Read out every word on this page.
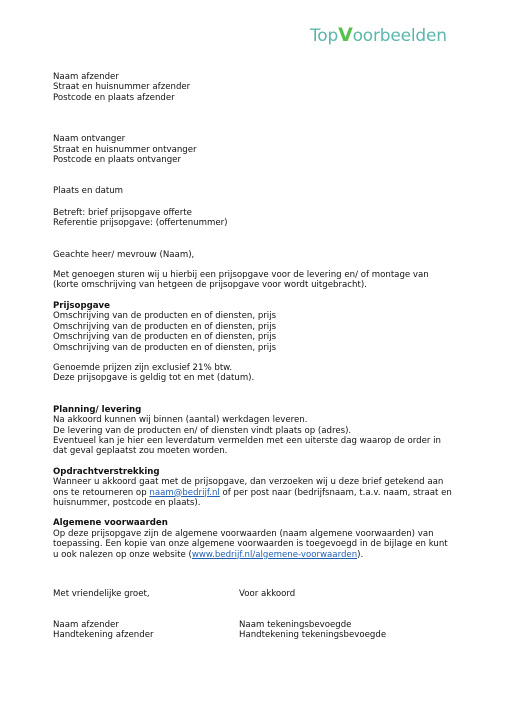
TopVoorbeelden

Naam afzender

Straat en huisnummer afzender

Postcode en plaats afzender

Naam ontvanger

Straat en huisnummer ontvanger

Postcode en plaats ontvanger

Plaats en datum

Betreft: brief prijsopgave offerte

Referentie prijsopgave: (offertenummer)

Geachte heer/ mevrouw (Naam),

Met genoegen sturen wij u hierbij een prijsopgave voor de levering en/ of montage van (korte omschrijving van hetgeen de prijsopgave voor wordt uitgebracht).

Prijsopgave

Omschrijving van de producten en of diensten, prijs

Omschrijving van de producten en of diensten, prijs

Omschrijving van de producten en of diensten, prijs

Omschrijving van de producten en of diensten, prijs

Genoemde prijzen zijn exclusief 21% btw.

Deze prijsopgave is geldig tot en met (datum).

Planning/ levering

Na akkoord kunnen wij binnen (aantal) werkdagen leveren.

De levering van de producten en/ of diensten vindt plaats op (adres).

Eventueel kan je hier een leverdatum vermelden met een uiterste dag waarop de order in dat geval geplaatst zou moeten worden.

Opdrachtverstrekking

Wanneer u akkoord gaat met de prijsopgave, dan verzoeken wij u deze brief getekend aan ons te retourneren op naam@bedrijf.nl of per post naar (bedrijfsnaam, t.a.v. naam, straat en huisnummer, postcode en plaats).

Algemene voorwaarden

Op deze prijsopgave zijn de algemene voorwaarden (naam algemene voorwaarden) van toepassing. Een kopie van onze algemene voorwaarden is toegevoegd in de bijlage en kunt u ook nalezen op onze website (www.bedrijf.nl/algemene-voorwaarden).

Met vriendelijke groet,	Voor akkoord
Naam afzender
Handtekening afzender
Naam tekeningsbevoegde
Handtekening tekeningsbevoegde
